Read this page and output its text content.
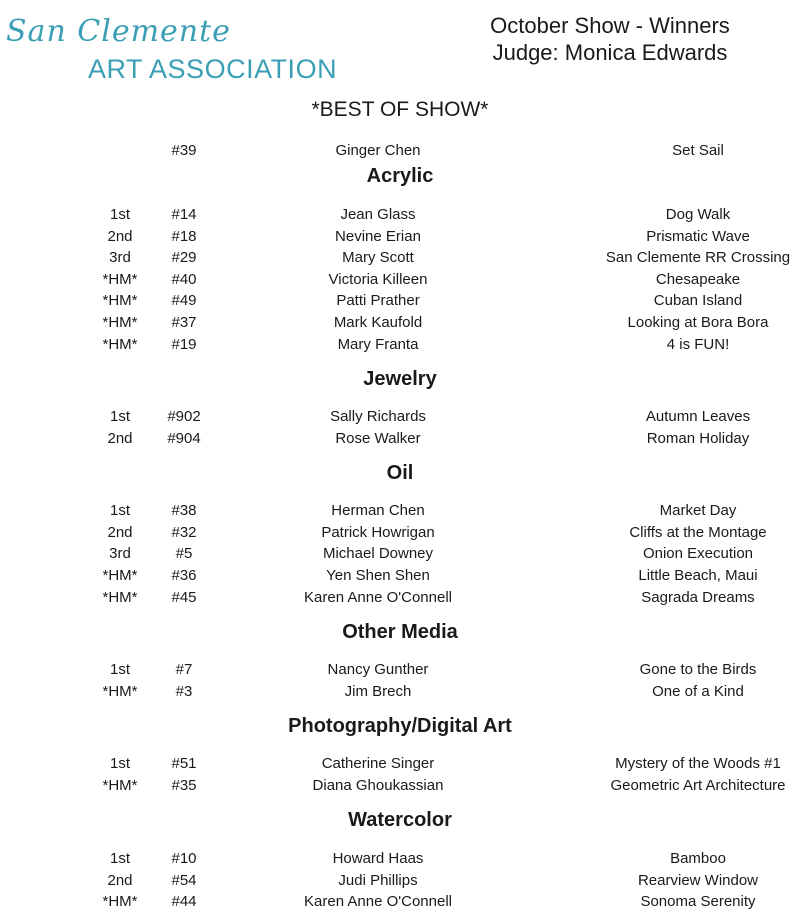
San Clemente
ART ASSOCIATION
October Show - Winners
Judge: Monica Edwards
*BEST OF SHOW*
#39	Ginger Chen	Set Sail
Acrylic
1st	#14	Jean Glass	Dog Walk
2nd	#18	Nevine Erian	Prismatic Wave
3rd	#29	Mary Scott	San Clemente RR Crossing
*HM*	#40	Victoria Killeen	Chesapeake
*HM*	#49	Patti Prather	Cuban Island
*HM*	#37	Mark Kaufold	Looking at Bora Bora
*HM*	#19	Mary Franta	4 is FUN!
Jewelry
1st	#902	Sally Richards	Autumn Leaves
2nd	#904	Rose Walker	Roman Holiday
Oil
1st	#38	Herman Chen	Market Day
2nd	#32	Patrick Howrigan	Cliffs at the Montage
3rd	#5	Michael Downey	Onion Execution
*HM*	#36	Yen Shen Shen	Little Beach, Maui
*HM*	#45	Karen Anne O'Connell	Sagrada Dreams
Other Media
1st	#7	Nancy Gunther	Gone to the Birds
*HM*	#3	Jim Brech	One of a Kind
Photography/Digital Art
1st	#51	Catherine Singer	Mystery of the Woods #1
*HM*	#35	Diana Ghoukassian	Geometric Art Architecture
Watercolor
1st	#10	Howard Haas	Bamboo
2nd	#54	Judi Phillips	Rearview Window
*HM*	#44	Karen Anne O'Connell	Sonoma Serenity
